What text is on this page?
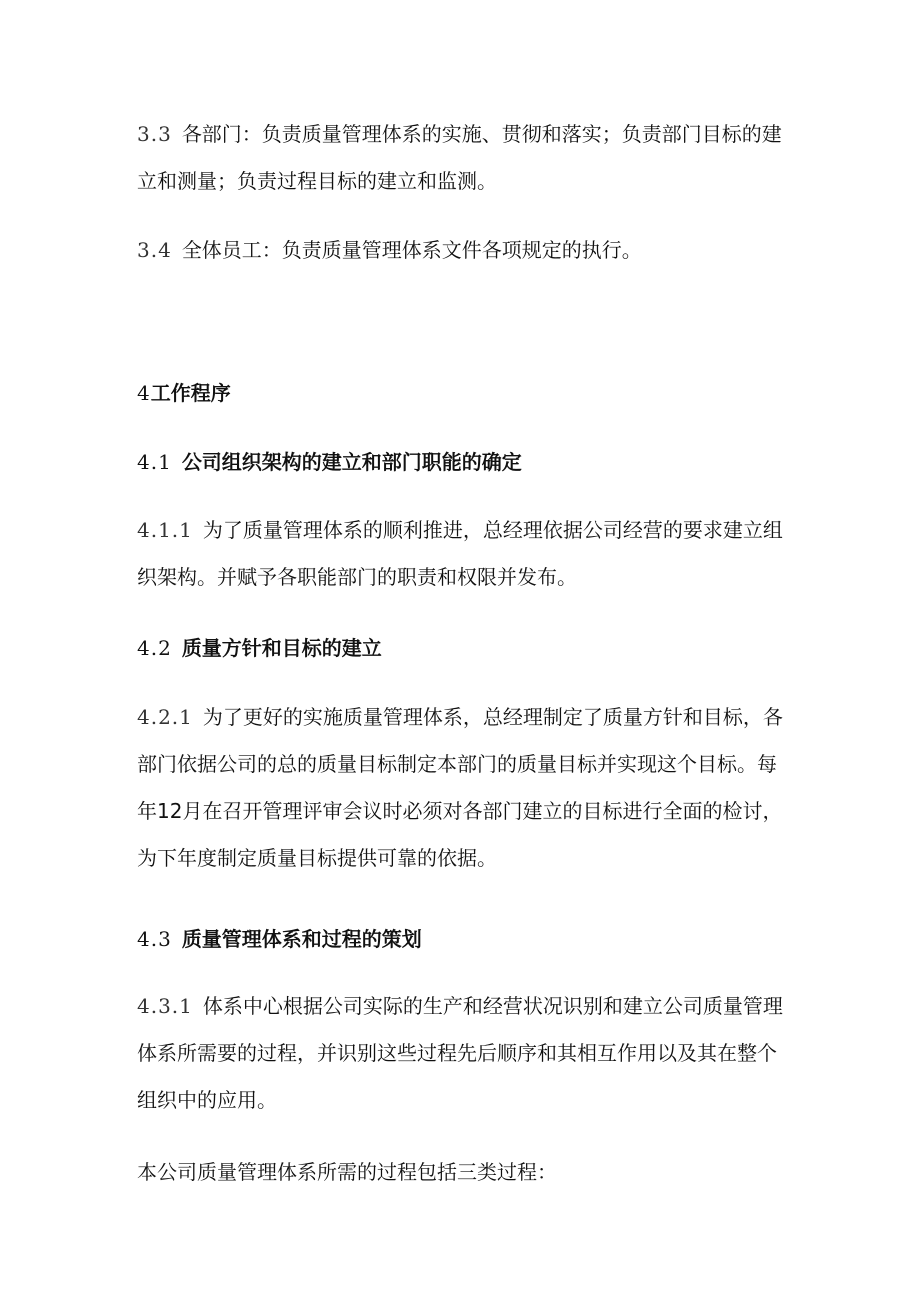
3.3 各部门：负责质量管理体系的实施、贯彻和落实；负责部门目标的建立和测量；负责过程目标的建立和监测。

3.4 全体员工：负责质量管理体系文件各项规定的执行。

4工作程序
4.1 公司组织架构的建立和部门职能的确定

4.1.1 为了质量管理体系的顺利推进，总经理依据公司经营的要求建立组织架构。并赋予各职能部门的职责和权限并发布。

4.2 质量方针和目标的建立

4.2.1 为了更好的实施质量管理体系，总经理制定了质量方针和目标，各部门依据公司的总的质量目标制定本部门的质量目标并实现这个目标。每年12月在召开管理评审会议时必须对各部门建立的目标进行全面的检讨，为下年度制定质量目标提供可靠的依据。

4.3 质量管理体系和过程的策划

4.3.1 体系中心根据公司实际的生产和经营状况识别和建立公司质量管理体系所需要的过程，并识别这些过程先后顺序和其相互作用以及其在整个组织中的应用。

本公司质量管理体系所需的过程包括三类过程：
